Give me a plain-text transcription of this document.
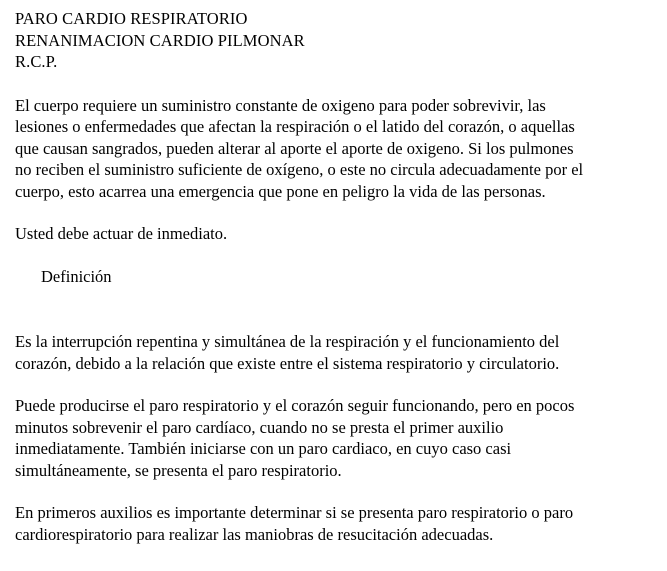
PARO CARDIO RESPIRATORIO
RENANIMACION CARDIO PILMONAR
R.C.P.

El cuerpo requiere un suministro constante de oxigeno para poder sobrevivir, las
lesiones o enfermedades que afectan la respiración o el latido del corazón, o aquellas
que causan sangrados, pueden alterar al aporte el aporte de oxigeno. Si los pulmones
no reciben el suministro suficiente de oxígeno, o este no circula adecuadamente por el
cuerpo, esto acarrea una emergencia que pone en peligro la vida de las personas.

Usted debe actuar de inmediato.

Definición

Es la interrupción repentina y simultánea de la respiración y el funcionamiento del
corazón, debido a la relación que existe entre el sistema respiratorio y circulatorio.

Puede producirse el paro respiratorio y el corazón seguir funcionando, pero en pocos
minutos sobrevenir el paro cardíaco, cuando no se presta el primer auxilio
inmediatamente. También iniciarse con un paro cardiaco, en cuyo caso casi
simultáneamente, se presenta el paro respiratorio.

En primeros auxilios es importante determinar si se presenta paro respiratorio o paro
cardiorespiratorio para realizar las maniobras de resucitación adecuadas.
